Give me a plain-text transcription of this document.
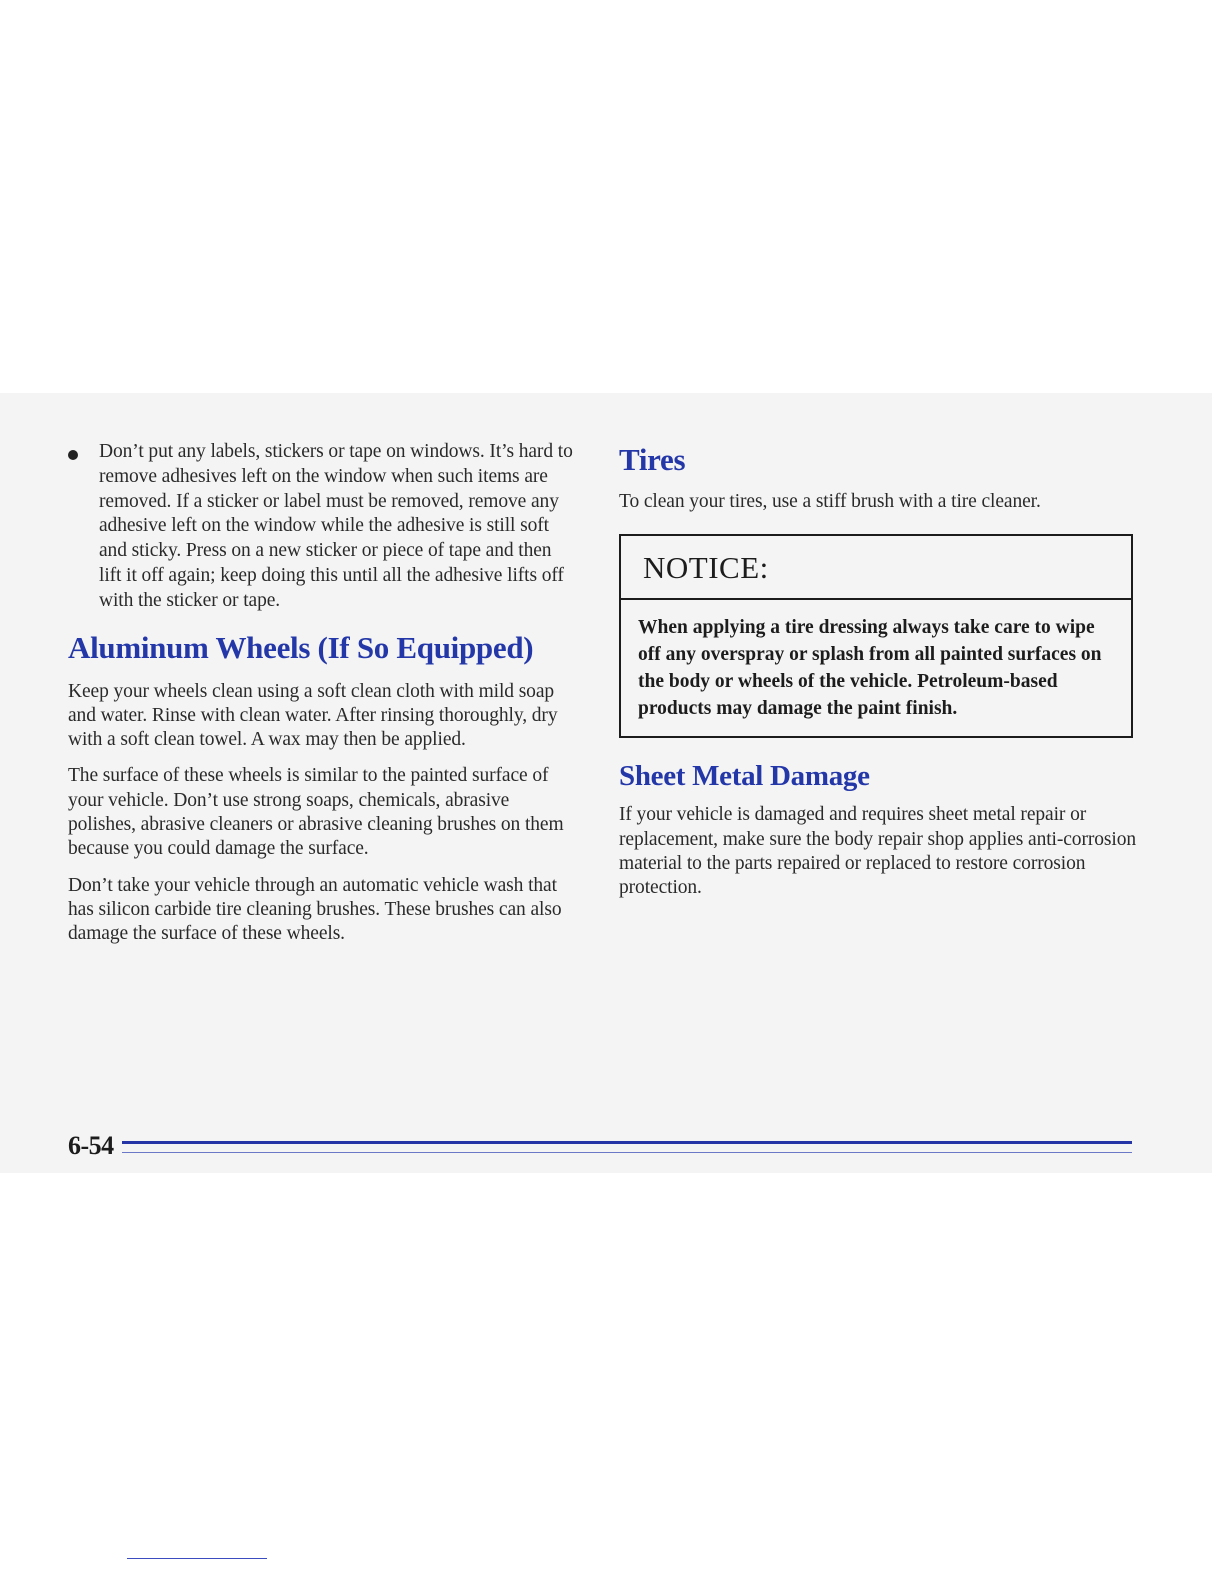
Don’t put any labels, stickers or tape on windows. It’s hard to remove adhesives left on the window when such items are removed. If a sticker or label must be removed, remove any adhesive left on the window while the adhesive is still soft and sticky. Press on a new sticker or piece of tape and then lift it off again; keep doing this until all the adhesive lifts off with the sticker or tape.
Aluminum Wheels (If So Equipped)

Keep your wheels clean using a soft clean cloth with mild soap and water. Rinse with clean water. After rinsing thoroughly, dry with a soft clean towel. A wax may then be applied.

The surface of these wheels is similar to the painted surface of your vehicle. Don’t use strong soaps, chemicals, abrasive polishes, abrasive cleaners or abrasive cleaning brushes on them because you could damage the surface.

Don’t take your vehicle through an automatic vehicle wash that has silicon carbide tire cleaning brushes. These brushes can also damage the surface of these wheels.

Tires

To clean your tires, use a stiff brush with a tire cleaner.

NOTICE:
When applying a tire dressing always take care to wipe off any overspray or splash from all painted surfaces on the body or wheels of the vehicle. Petroleum-based products may damage the paint finish.
Sheet Metal Damage

If your vehicle is damaged and requires sheet metal repair or replacement, make sure the body repair shop applies anti-corrosion material to the parts repaired or replaced to restore corrosion protection.

6-54
